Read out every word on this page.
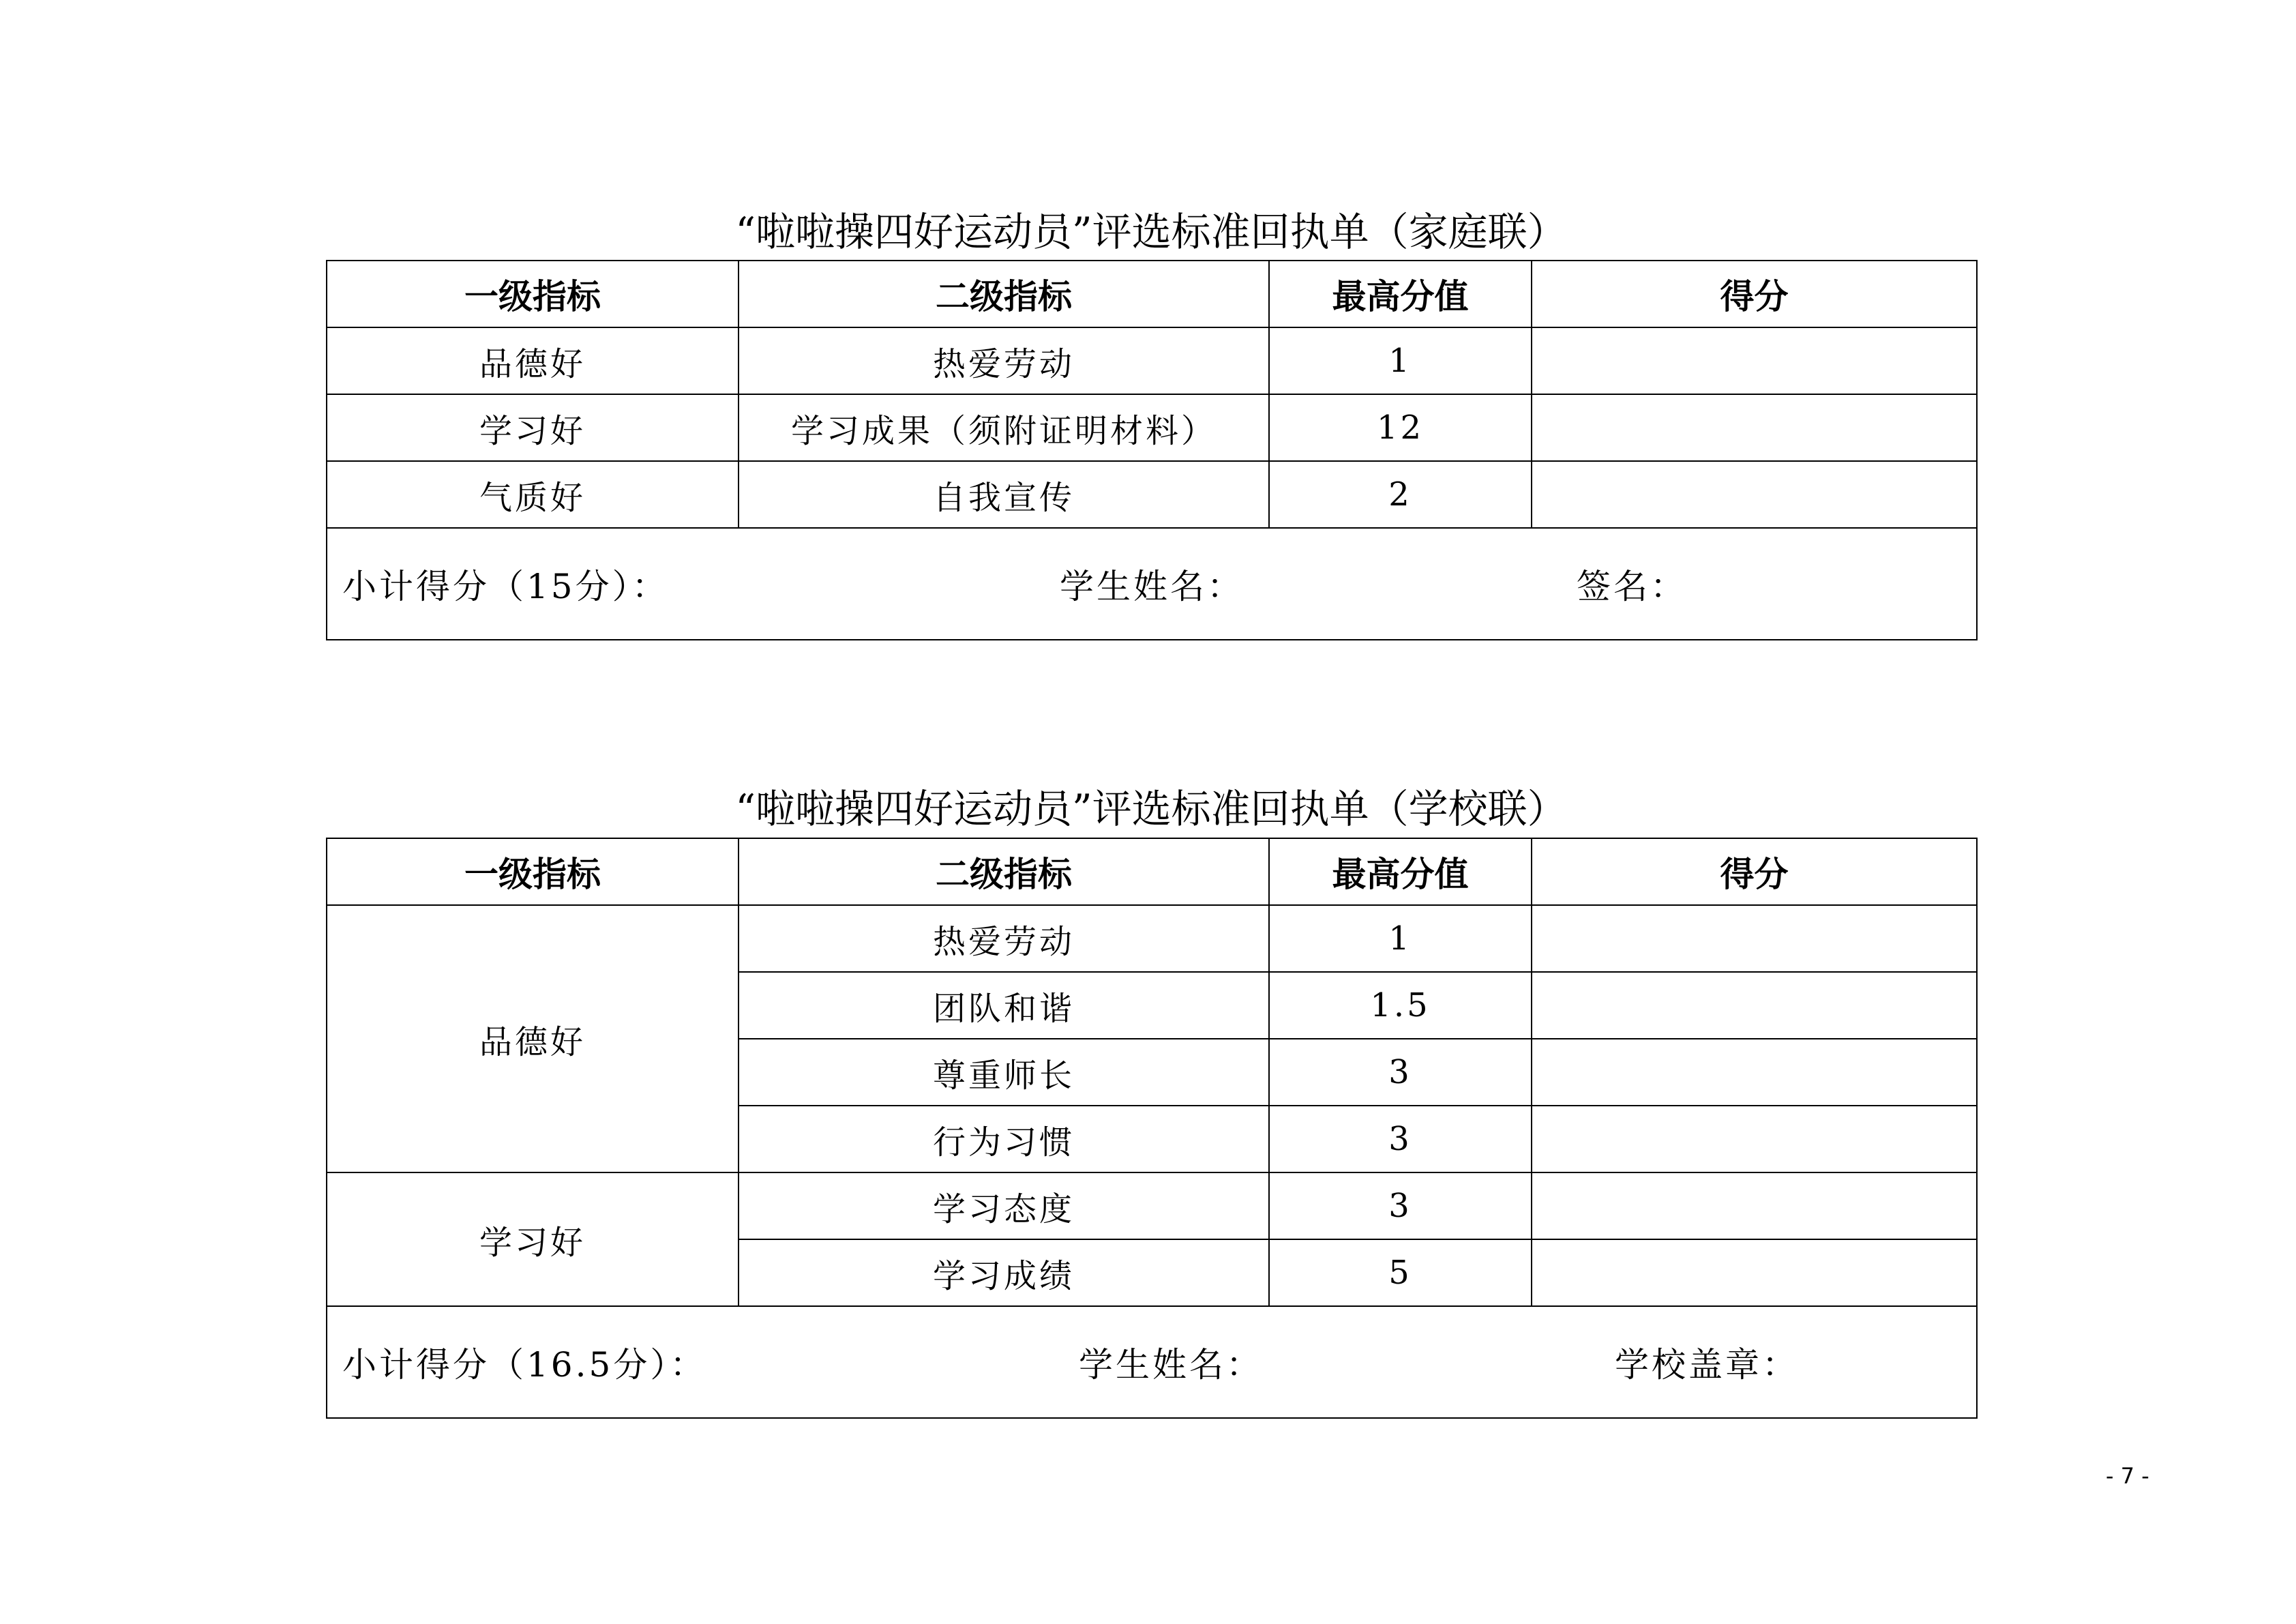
“啦啦操四好运动员”评选标准回执单（家庭联）
一级指标	二级指标	最高分值	得分
品德好	热爱劳动	1	
学习好	学习成果（须附证明材料）	12	
气质好	自我宣传	2	

小计得分（15分）： 学生姓名： 签名：			
“啦啦操四好运动员”评选标准回执单（学校联）
一级指标	二级指标	最高分值	得分
品德好	热爱劳动	1	
	团队和谐	1.5	
	尊重师长	3	
	行为习惯	3	
学习好	学习态度	3	
	学习成绩	5	

小计得分（16.5分）： 学生姓名： 学校盖章：			
- 7 -
